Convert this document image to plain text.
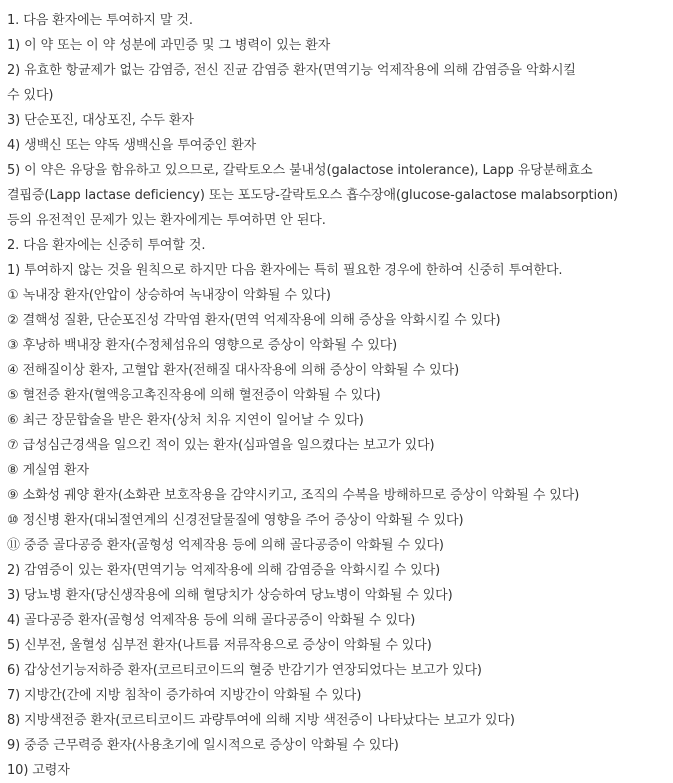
1. 다음 환자에는 투여하지 말 것.
1) 이 약 또는 이 약 성분에 과민증 및 그 병력이 있는 환자
2) 유효한 항균제가 없는 감염증, 전신 진균 감염증 환자(면역기능 억제작용에 의해 감염증을 악화시킬
수 있다)
3) 단순포진, 대상포진, 수두 환자
4) 생백신 또는 약독 생백신을 투여중인 환자
5) 이 약은 유당을 함유하고 있으므로, 갈락토오스 불내성(galactose intolerance), Lapp 유당분해효소
결핍증(Lapp lactase deficiency) 또는 포도당-갈락토오스 흡수장애(glucose-galactose malabsorption)
등의 유전적인 문제가 있는 환자에게는 투여하면 안 된다.
2. 다음 환자에는 신중히 투여할 것.
1) 투여하지 않는 것을 원칙으로 하지만 다음 환자에는 특히 필요한 경우에 한하여 신중히 투여한다.
① 녹내장 환자(안압이 상승하여 녹내장이 악화될 수 있다)
② 결핵성 질환, 단순포진성 각막염 환자(면역 억제작용에 의해 증상을 악화시킬 수 있다)
③ 후낭하 백내장 환자(수정체섬유의 영향으로 증상이 악화될 수 있다)
④ 전해질이상 환자, 고혈압 환자(전해질 대사작용에 의해 증상이 악화될 수 있다)
⑤ 혈전증 환자(혈액응고촉진작용에 의해 혈전증이 악화될 수 있다)
⑥ 최근 장문합술을 받은 환자(상처 치유 지연이 일어날 수 있다)
⑦ 급성심근경색을 일으킨 적이 있는 환자(심파열을 일으켰다는 보고가 있다)
⑧ 게실염 환자
⑨ 소화성 궤양 환자(소화관 보호작용을 감약시키고, 조직의 수복을 방해하므로 증상이 악화될 수 있다)
⑩ 정신병 환자(대뇌절연계의 신경전달물질에 영향을 주어 증상이 악화될 수 있다)
⑪ 중증 골다공증 환자(골형성 억제작용 등에 의해 골다공증이 악화될 수 있다)
2) 감염증이 있는 환자(면역기능 억제작용에 의해 감염증을 악화시킬 수 있다)
3) 당뇨병 환자(당신생작용에 의해 혈당치가 상승하여 당뇨병이 악화될 수 있다)
4) 골다공증 환자(골형성 억제작용 등에 의해 골다공증이 악화될 수 있다)
5) 신부전, 울혈성 심부전 환자(나트륨 저류작용으로 증상이 악화될 수 있다)
6) 갑상선기능저하증 환자(코르티코이드의 혈중 반감기가 연장되었다는 보고가 있다)
7) 지방간(간에 지방 침착이 증가하여 지방간이 악화될 수 있다)
8) 지방색전증 환자(코르티코이드 과량투여에 의해 지방 색전증이 나타났다는 보고가 있다)
9) 중증 근무력증 환자(사용초기에 일시적으로 증상이 악화될 수 있다)
10) 고령자
